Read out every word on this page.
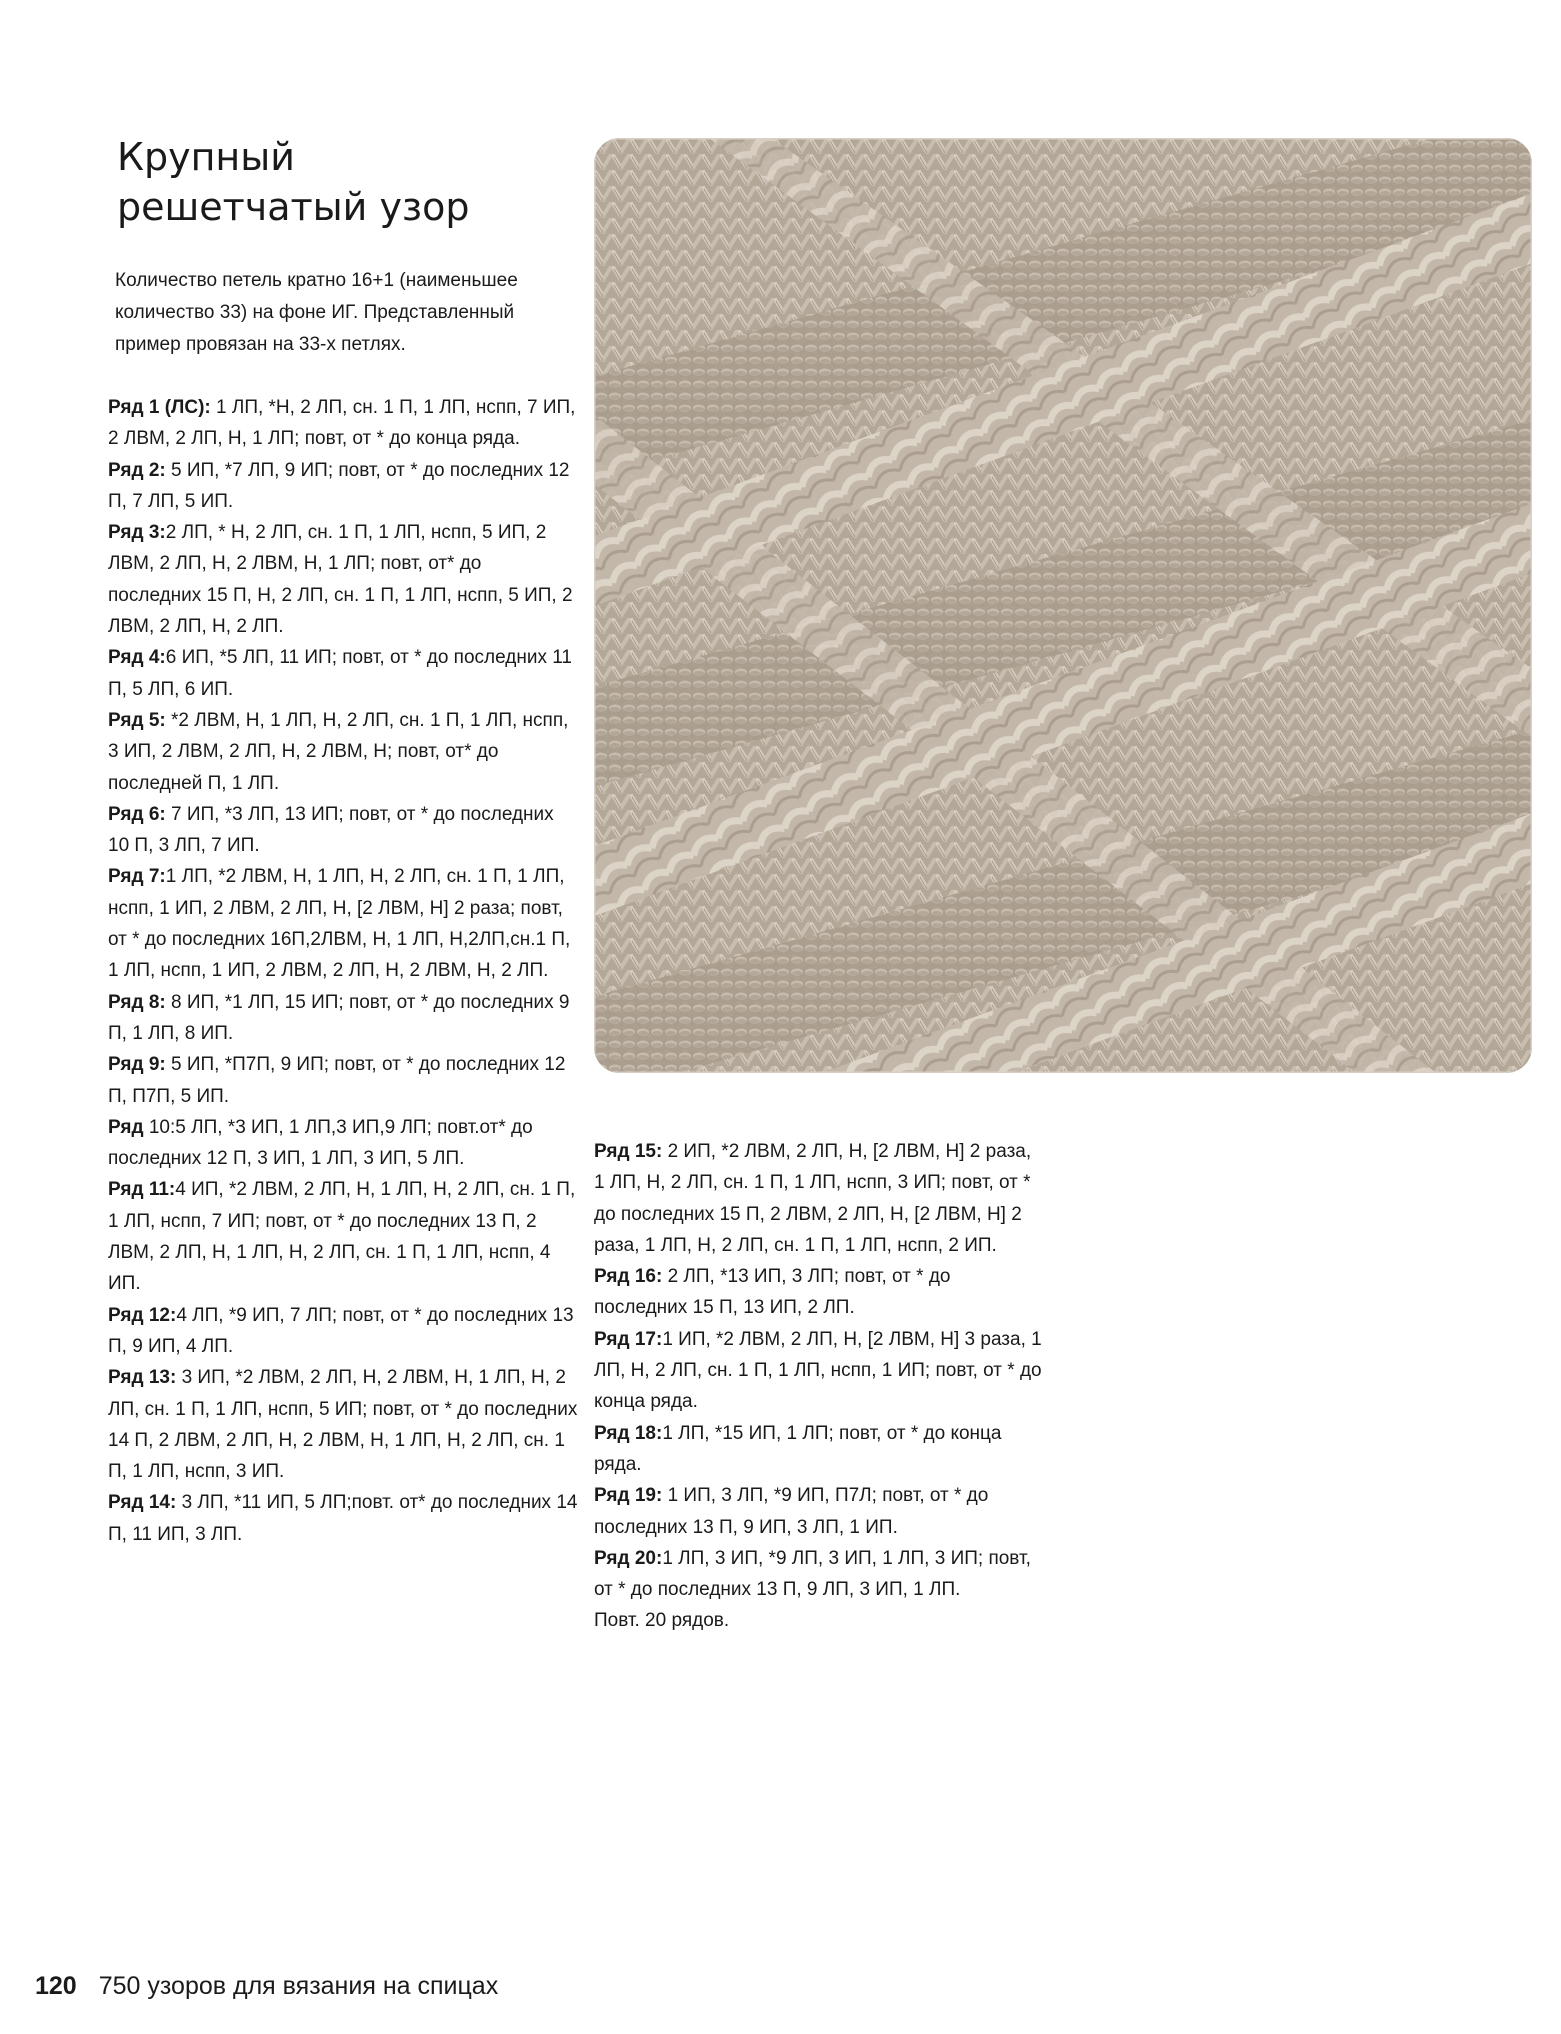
Крупный решетчатый узор
Количество петель кратно 16+1 (наименьшее количество 33) на фоне ИГ. Представленный пример провязан на 33-х петлях.

Ряд 1 (ЛС): 1 ЛП, *Н, 2 ЛП, сн. 1 П, 1 ЛП, нспп, 7 ИП, 2 ЛВМ, 2 ЛП, Н, 1 ЛП; повт, от * до конца ряда.

Ряд 2: 5 ИП, *7 ЛП, 9 ИП; повт, от * до последних 12 П, 7 ЛП, 5 ИП.

Ряд 3:2 ЛП, * Н, 2 ЛП, сн. 1 П, 1 ЛП, нспп, 5 ИП, 2 ЛВМ, 2 ЛП, Н, 2 ЛВМ, Н, 1 ЛП; повт, от* до последних 15 П, Н, 2 ЛП, сн. 1 П, 1 ЛП, нспп, 5 ИП, 2 ЛВМ, 2 ЛП, Н, 2 ЛП.

Ряд 4:6 ИП, *5 ЛП, 11 ИП; повт, от * до последних 11 П, 5 ЛП, 6 ИП.

Ряд 5: *2 ЛВМ, Н, 1 ЛП, Н, 2 ЛП, сн. 1 П, 1 ЛП, нспп, 3 ИП, 2 ЛВМ, 2 ЛП, Н, 2 ЛВМ, Н; повт, от* до последней П, 1 ЛП.

Ряд 6: 7 ИП, *3 ЛП, 13 ИП; повт, от * до последних 10 П, 3 ЛП, 7 ИП.

Ряд 7:1 ЛП, *2 ЛВМ, Н, 1 ЛП, Н, 2 ЛП, сн. 1 П, 1 ЛП, нспп, 1 ИП, 2 ЛВМ, 2 ЛП, Н, [2 ЛВМ, Н] 2 раза; повт, от * до последних 16П,2ЛВМ, Н, 1 ЛП, Н,2ЛП,сн.1 П, 1 ЛП, нспп, 1 ИП, 2 ЛВМ, 2 ЛП, Н, 2 ЛВМ, Н, 2 ЛП.

Ряд 8: 8 ИП, *1 ЛП, 15 ИП; повт, от * до последних 9 П, 1 ЛП, 8 ИП.

Ряд 9: 5 ИП, *П7П, 9 ИП; повт, от * до последних 12 П, П7П, 5 ИП.

Ряд 10:5 ЛП, *3 ИП, 1 ЛП,3 ИП,9 ЛП; повт.от* до последних 12 П, 3 ИП, 1 ЛП, 3 ИП, 5 ЛП.

Ряд 11:4 ИП, *2 ЛВМ, 2 ЛП, Н, 1 ЛП, Н, 2 ЛП, сн. 1 П, 1 ЛП, нспп, 7 ИП; повт, от * до последних 13 П, 2 ЛВМ, 2 ЛП, Н, 1 ЛП, Н, 2 ЛП, сн. 1 П, 1 ЛП, нспп, 4 ИП.

Ряд 12:4 ЛП, *9 ИП, 7 ЛП; повт, от * до последних 13 П, 9 ИП, 4 ЛП.

Ряд 13: 3 ИП, *2 ЛВМ, 2 ЛП, Н, 2 ЛВМ, Н, 1 ЛП, Н, 2 ЛП, сн. 1 П, 1 ЛП, нспп, 5 ИП; повт, от * до последних 14 П, 2 ЛВМ, 2 ЛП, Н, 2 ЛВМ, Н, 1 ЛП, Н, 2 ЛП, сн. 1 П, 1 ЛП, нспп, 3 ИП.

Ряд 14: 3 ЛП, *11 ИП, 5 ЛП;повт. от* до последних 14 П, 11 ИП, 3 ЛП.

Ряд 15: 2 ИП, *2 ЛВМ, 2 ЛП, Н, [2 ЛВМ, Н] 2 раза, 1 ЛП, Н, 2 ЛП, сн. 1 П, 1 ЛП, нспп, 3 ИП; повт, от * до последних 15 П, 2 ЛВМ, 2 ЛП, Н, [2 ЛВМ, Н] 2 раза, 1 ЛП, Н, 2 ЛП, сн. 1 П, 1 ЛП, нспп, 2 ИП.

Ряд 16: 2 ЛП, *13 ИП, 3 ЛП; повт, от * до последних 15 П, 13 ИП, 2 ЛП.

Ряд 17:1 ИП, *2 ЛВМ, 2 ЛП, Н, [2 ЛВМ, Н] 3 раза, 1 ЛП, Н, 2 ЛП, сн. 1 П, 1 ЛП, нспп, 1 ИП; повт, от * до конца ряда.

Ряд 18:1 ЛП, *15 ИП, 1 ЛП; повт, от * до конца ряда.

Ряд 19: 1 ИП, 3 ЛП, *9 ИП, П7Л; повт, от * до последних 13 П, 9 ИП, 3 ЛП, 1 ИП.

Ряд 20:1 ЛП, 3 ИП, *9 ЛП, 3 ИП, 1 ЛП, 3 ИП; повт, от * до последних 13 П, 9 ЛП, 3 ИП, 1 ЛП.

Повт. 20 рядов.

120 750 узоров для вязания на спицах
